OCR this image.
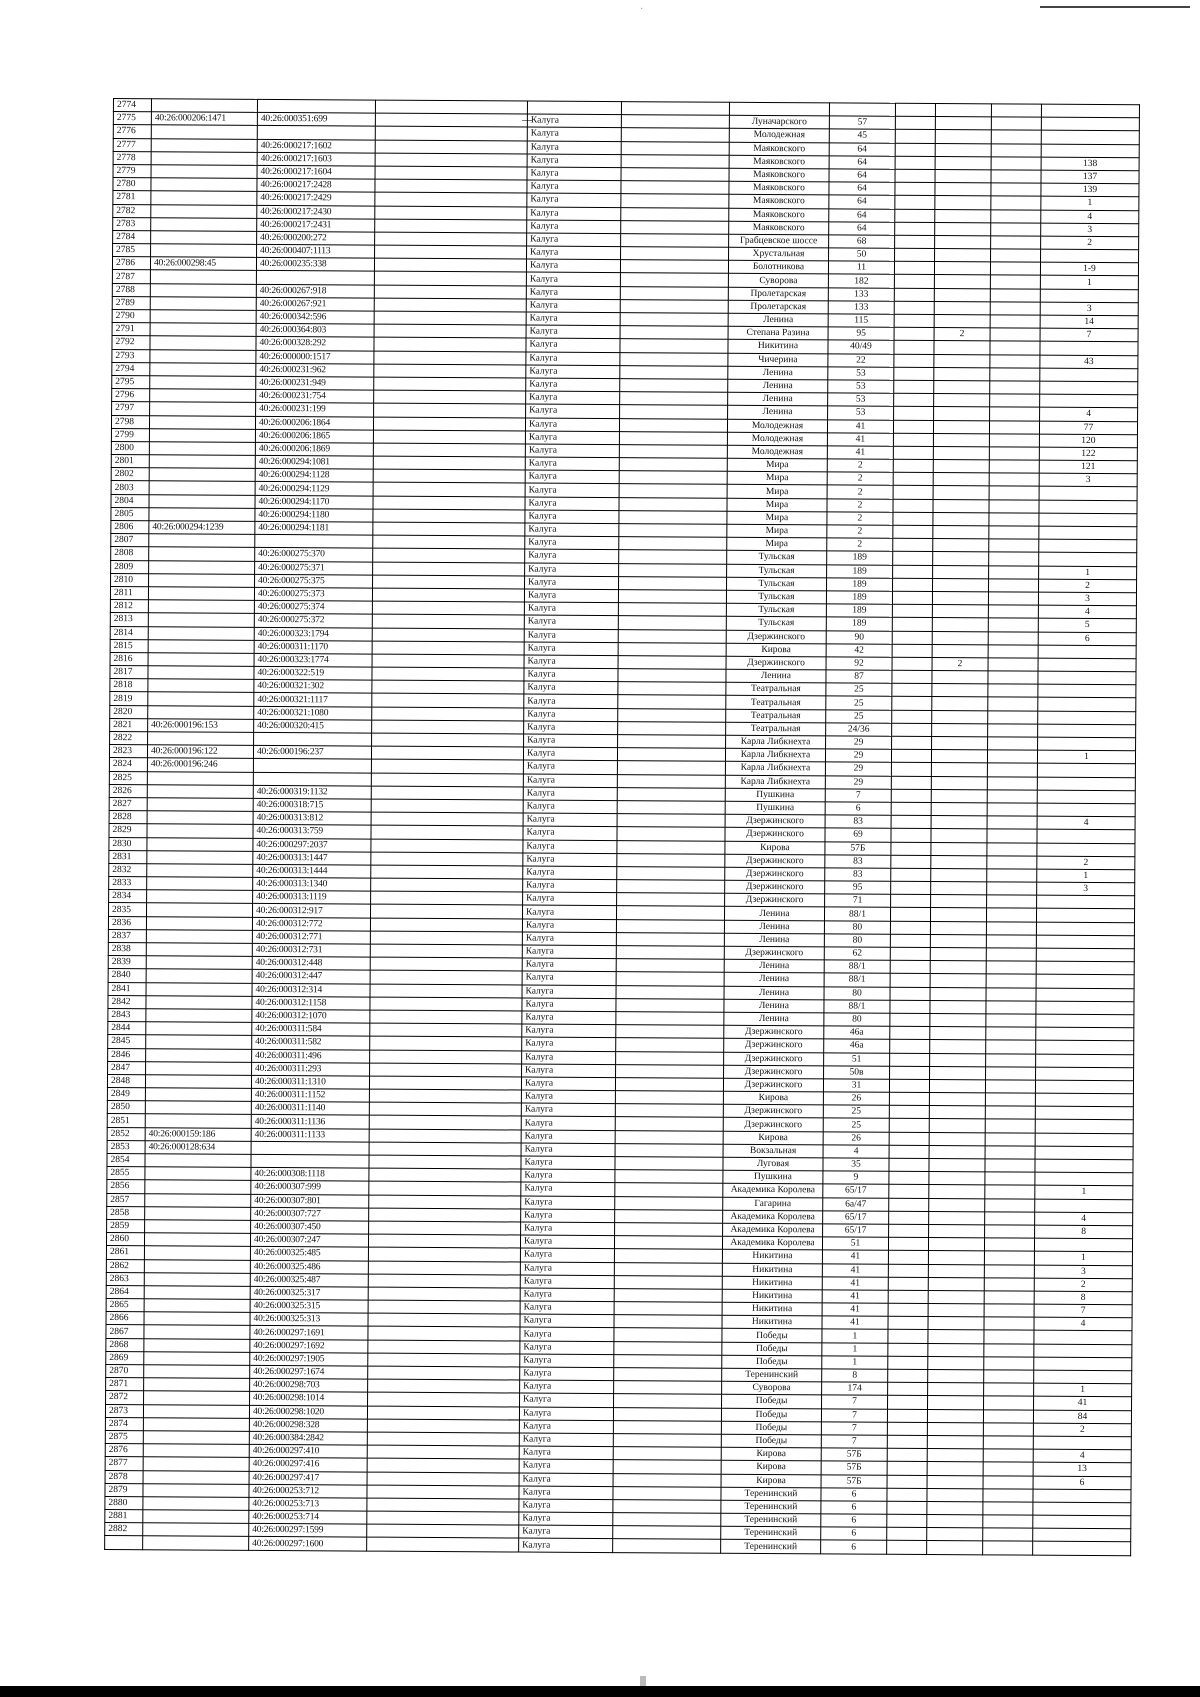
·
2774											
2775	40:26:000206:1471	40:26:000351:699		Калуга		Луначарского	57				
2776				Калуга		Молодежная	45				
2777		40:26:000217:1602		Калуга		Маяковского	64				
2778		40:26:000217:1603		Калуга		Маяковского	64				138
2779		40:26:000217:1604		Калуга		Маяковского	64				137
2780		40:26:000217:2428		Калуга		Маяковского	64				139
2781		40:26:000217:2429		Калуга		Маяковского	64				1
2782		40:26:000217:2430		Калуга		Маяковского	64				4
2783		40:26:000217:2431		Калуга		Маяковского	64				3
2784		40:26:000200:272		Калуга		Грабцевское шоссе	68				2
2785		40:26:000407:1113		Калуга		Хрустальная	50				
2786	40:26:000298:45	40:26:000235:338		Калуга		Болотникова	11				1-9
2787				Калуга		Суворова	182				1
2788		40:26:000267:918		Калуга		Пролетарская	133				
2789		40:26:000267:921		Калуга		Пролетарская	133				3
2790		40:26:000342:596		Калуга		Ленина	115				14
2791		40:26:000364:803		Калуга		Степана Разина	95		2		7
2792		40:26:000328:292		Калуга		Никитина	40/49				
2793		40:26:000000:1517		Калуга		Чичерина	22				43
2794		40:26:000231:962		Калуга		Ленина	53				
2795		40:26:000231:949		Калуга		Ленина	53				
2796		40:26:000231:754		Калуга		Ленина	53				
2797		40:26:000231:199		Калуга		Ленина	53				4
2798		40:26:000206:1864		Калуга		Молодежная	41				77
2799		40:26:000206:1865		Калуга		Молодежная	41				120
2800		40:26:000206:1869		Калуга		Молодежная	41				122
2801		40:26:000294:1081		Калуга		Мира	2				121
2802		40:26:000294:1128		Калуга		Мира	2				3
2803		40:26:000294:1129		Калуга		Мира	2				
2804		40:26:000294:1170		Калуга		Мира	2				
2805		40:26:000294:1180		Калуга		Мира	2				
2806	40:26:000294:1239	40:26:000294:1181		Калуга		Мира	2				
2807				Калуга		Мира	2				
2808		40:26:000275:370		Калуга		Тульская	189				
2809		40:26:000275:371		Калуга		Тульская	189				1
2810		40:26:000275:375		Калуга		Тульская	189				2
2811		40:26:000275:373		Калуга		Тульская	189				3
2812		40:26:000275:374		Калуга		Тульская	189				4
2813		40:26:000275:372		Калуга		Тульская	189				5
2814		40:26:000323:1794		Калуга		Дзержинского	90				6
2815		40:26:000311:1170		Калуга		Кирова	42				
2816		40:26:000323:1774		Калуга		Дзержинского	92		2		
2817		40:26:000322:519		Калуга		Ленина	87				
2818		40:26:000321:302		Калуга		Театральная	25				
2819		40:26:000321:1117		Калуга		Театральная	25				
2820		40:26:000321:1080		Калуга		Театральная	25				
2821	40:26:000196:153	40:26:000320:415		Калуга		Театральная	24/36				
2822				Калуга		Карла Либкнехта	29				
2823	40:26:000196:122	40:26:000196:237		Калуга		Карла Либкнехта	29				1
2824	40:26:000196:246			Калуга		Карла Либкнехта	29				
2825				Калуга		Карла Либкнехта	29				
2826		40:26:000319:1132		Калуга		Пушкина	7				
2827		40:26:000318:715		Калуга		Пушкина	6				
2828		40:26:000313:812		Калуга		Дзержинского	83				4
2829		40:26:000313:759		Калуга		Дзержинского	69				
2830		40:26:000297:2037		Калуга		Кирова	57Б				
2831		40:26:000313:1447		Калуга		Дзержинского	83				2
2832		40:26:000313:1444		Калуга		Дзержинского	83				1
2833		40:26:000313:1340		Калуга		Дзержинского	95				3
2834		40:26:000313:1119		Калуга		Дзержинского	71				
2835		40:26:000312:917		Калуга		Ленина	88/1				
2836		40:26:000312:772		Калуга		Ленина	80				
2837		40:26:000312:771		Калуга		Ленина	80				
2838		40:26:000312:731		Калуга		Дзержинского	62				
2839		40:26:000312:448		Калуга		Ленина	88/1				
2840		40:26:000312:447		Калуга		Ленина	88/1				
2841		40:26:000312:314		Калуга		Ленина	80				
2842		40:26:000312:1158		Калуга		Ленина	88/1				
2843		40:26:000312:1070		Калуга		Ленина	80				
2844		40:26:000311:584		Калуга		Дзержинского	46а				
2845		40:26:000311:582		Калуга		Дзержинского	46а				
2846		40:26:000311:496		Калуга		Дзержинского	51				
2847		40:26:000311:293		Калуга		Дзержинского	50в				
2848		40:26:000311:1310		Калуга		Дзержинского	31				
2849		40:26:000311:1152		Калуга		Кирова	26				
2850		40:26:000311:1140		Калуга		Дзержинского	25				
2851		40:26:000311:1136		Калуга		Дзержинского	25				
2852	40:26:000159:186	40:26:000311:1133		Калуга		Кирова	26				
2853	40:26:000128:634			Калуга		Вокзальная	4				
2854				Калуга		Луговая	35				
2855		40:26:000308:1118		Калуга		Пушкина	9				
2856		40:26:000307:999		Калуга		Академика Королева	65/17				1
2857		40:26:000307:801		Калуга		Гагарина	6а/47				
2858		40:26:000307:727		Калуга		Академика Королева	65/17				4
2859		40:26:000307:450		Калуга		Академика Королева	65/17				8
2860		40:26:000307:247		Калуга		Академика Королева	51				
2861		40:26:000325:485		Калуга		Никитина	41				1
2862		40:26:000325:486		Калуга		Никитина	41				3
2863		40:26:000325:487		Калуга		Никитина	41				2
2864		40:26:000325:317		Калуга		Никитина	41				8
2865		40:26:000325:315		Калуга		Никитина	41				7
2866		40:26:000325:313		Калуга		Никитина	41				4
2867		40:26:000297:1691		Калуга		Победы	1				
2868		40:26:000297:1692		Калуга		Победы	1				
2869		40:26:000297:1905		Калуга		Победы	1				
2870		40:26:000297:1674		Калуга		Теренинский	8				
2871		40:26:000298:703		Калуга		Суворова	174				1
2872		40:26:000298:1014		Калуга		Победы	7				41
2873		40:26:000298:1020		Калуга		Победы	7				84
2874		40:26:000298:328		Калуга		Победы	7				2
2875		40:26:000384:2842		Калуга		Победы	7				
2876		40:26:000297:410		Калуга		Кирова	57Б				4
2877		40:26:000297:416		Калуга		Кирова	57Б				13
2878		40:26:000297:417		Калуга		Кирова	57Б				6
2879		40:26:000253:712		Калуга		Теренинский	6				
2880		40:26:000253:713		Калуга		Теренинский	6				
2881		40:26:000253:714		Калуга		Теренинский	6				
2882		40:26:000297:1599		Калуга		Теренинский	6				
		40:26:000297:1600		Калуга		Теренинский	6				
